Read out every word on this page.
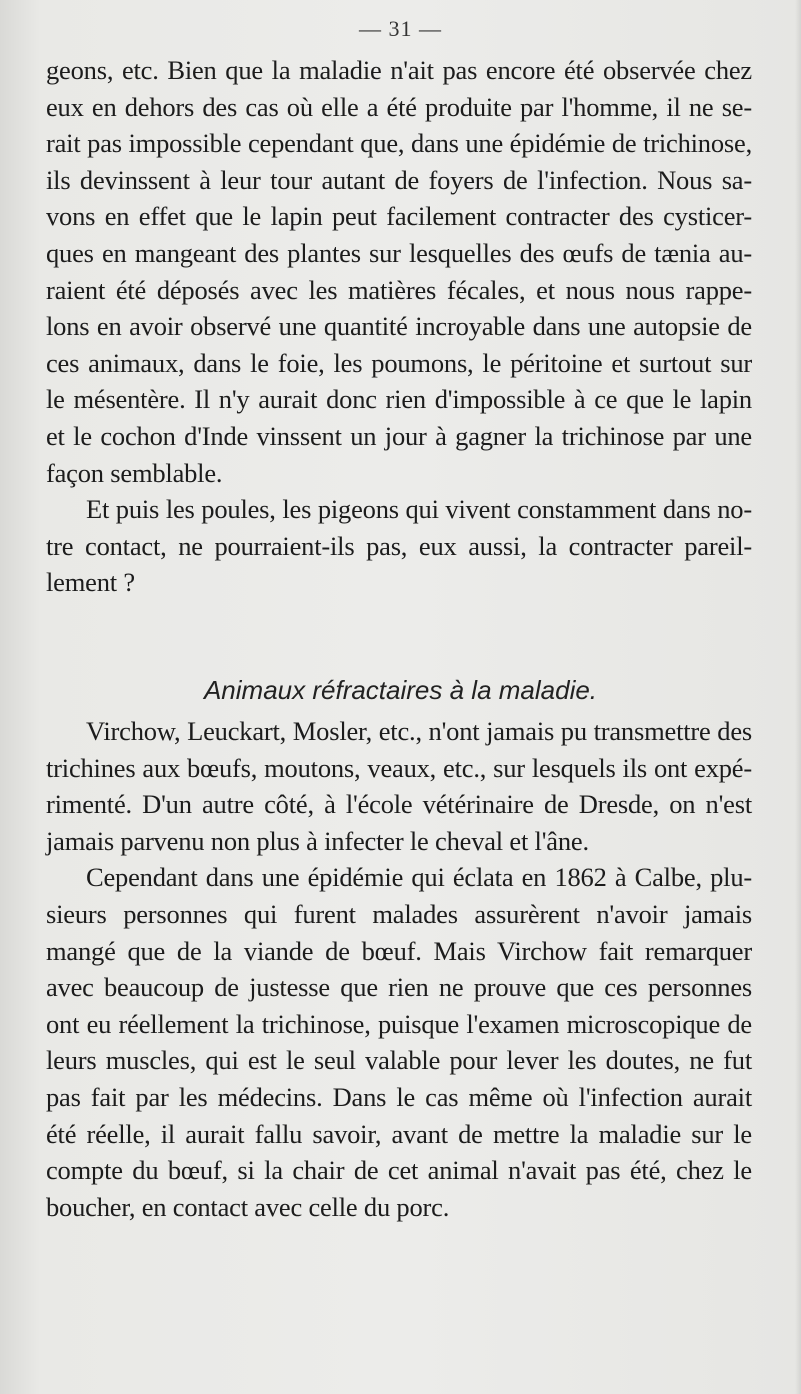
— 31 —
geons, etc. Bien que la maladie n'ait pas encore été observée chez
eux en dehors des cas où elle a été produite par l'homme, il ne se-
rait pas impossible cependant que, dans une épidémie de trichinose,
ils devinssent à leur tour autant de foyers de l'infection. Nous sa-
vons en effet que le lapin peut facilement contracter des cysticer-
ques en mangeant des plantes sur lesquelles des œufs de tænia au-
raient été déposés avec les matières fécales, et nous nous rappe-
lons en avoir observé une quantité incroyable dans une autopsie de
ces animaux, dans le foie, les poumons, le péritoine et surtout sur
le mésentère. Il n'y aurait donc rien d'impossible à ce que le lapin
et le cochon d'Inde vinssent un jour à gagner la trichinose par une
façon semblable.
Et puis les poules, les pigeons qui vivent constamment dans no-
tre contact, ne pourraient-ils pas, eux aussi, la contracter pareil-
lement ?
Animaux réfractaires à la maladie.
Virchow, Leuckart, Mosler, etc., n'ont jamais pu transmettre des
trichines aux bœufs, moutons, veaux, etc., sur lesquels ils ont expé-
rimenté. D'un autre côté, à l'école vétérinaire de Dresde, on n'est
jamais parvenu non plus à infecter le cheval et l'âne.
Cependant dans une épidémie qui éclata en 1862 à Calbe, plu-
sieurs personnes qui furent malades assurèrent n'avoir jamais
mangé que de la viande de bœuf. Mais Virchow fait remarquer
avec beaucoup de justesse que rien ne prouve que ces personnes
ont eu réellement la trichinose, puisque l'examen microscopique de
leurs muscles, qui est le seul valable pour lever les doutes, ne fut
pas fait par les médecins. Dans le cas même où l'infection aurait
été réelle, il aurait fallu savoir, avant de mettre la maladie sur le
compte du bœuf, si la chair de cet animal n'avait pas été, chez le
boucher, en contact avec celle du porc.
